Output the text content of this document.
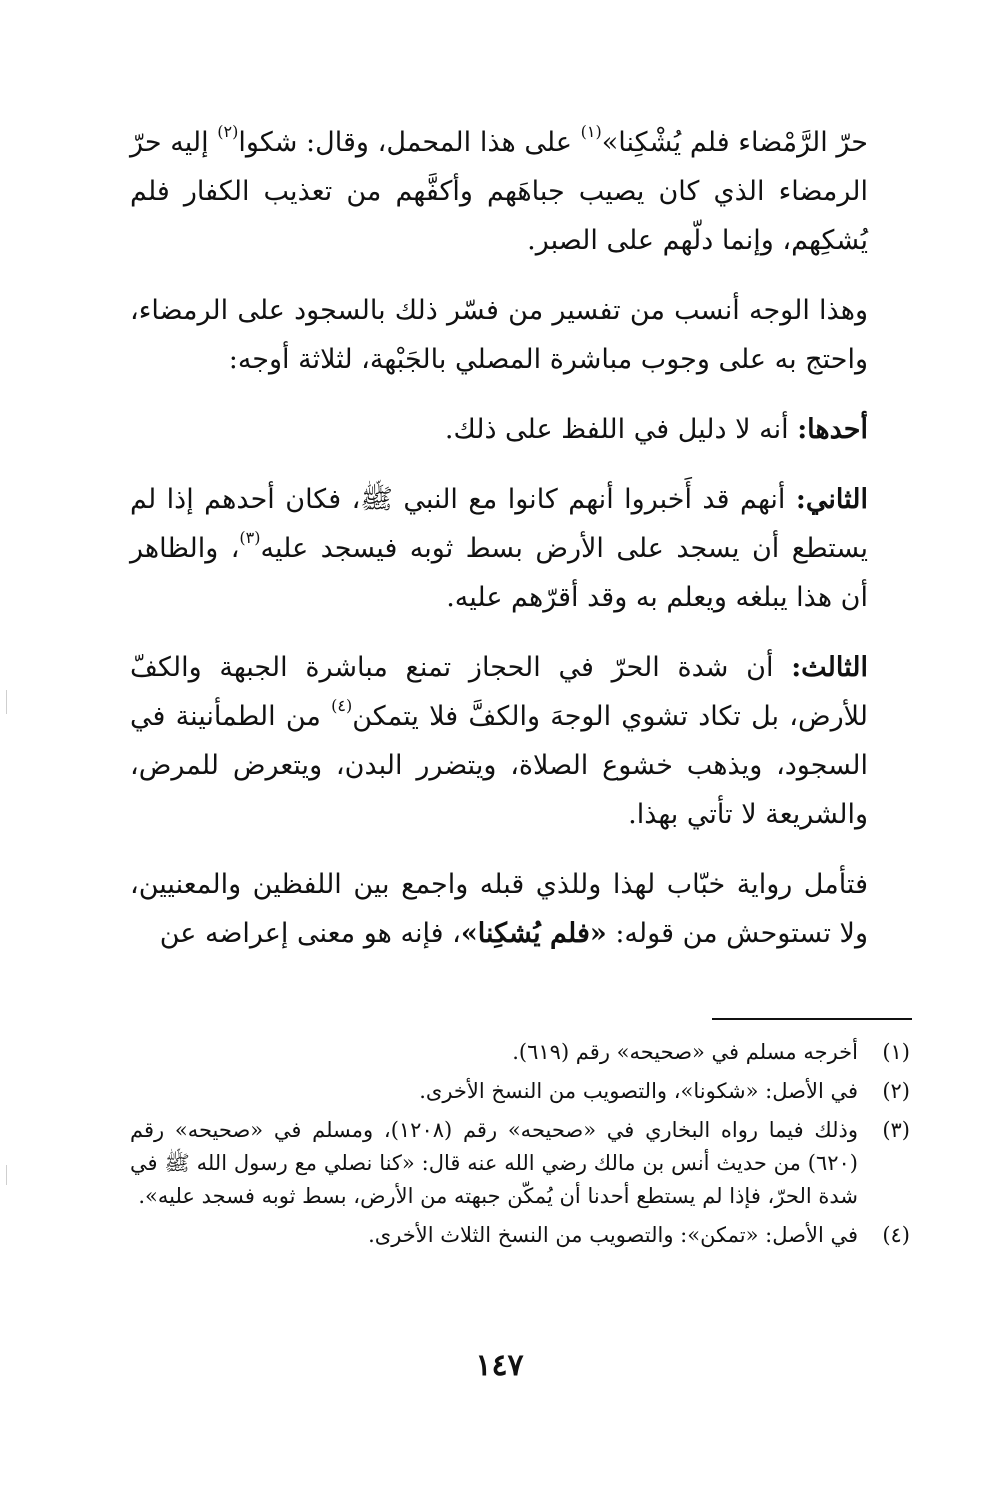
حرّ الرَّمْضاء فلم يُشْكِنا»$^{(١)}$ على هذا المحمل، وقال: شكوا$^{(٢)}$ إليه حرّ الرمضاء الذي كان يصيب جباهَهم وأكفَّهم من تعذيب الكفار فلم يُشكِهم، وإنما دلّهم على الصبر.

وهذا الوجه أنسب من تفسير من فسّر ذلك بالسجود على الرمضاء، واحتج به على وجوب مباشرة المصلي بالجَبْهة، لثلاثة أوجه:

أحدها: أنه لا دليل في اللفظ على ذلك.

الثاني: أنهم قد أَخبروا أنهم كانوا مع النبي ﷺ، فكان أحدهم إذا لم يستطع أن يسجد على الأرض بسط ثوبه فيسجد عليه$^{(٣)}$، والظاهر أن هذا يبلغه ويعلم به وقد أقرّهم عليه.

الثالث: أن شدة الحرّ في الحجاز تمنع مباشرة الجبهة والكفّ للأرض، بل تكاد تشوي الوجهَ والكفَّ فلا يتمكن$^{(٤)}$ من الطمأنينة في السجود، ويذهب خشوع الصلاة، ويتضرر البدن، ويتعرض للمرض، والشريعة لا تأتي بهذا.

فتأمل رواية خبّاب لهذا وللذي قبله واجمع بين اللفظين والمعنيين، ولا تستوحش من قوله: «فلم يُشكِنا»، فإنه هو معنى إعراضه عن

(١)
أخرجه مسلم في «صحيحه» رقم (٦١٩).
(٢)
في الأصل: «شكونا»، والتصويب من النسخ الأخرى.
(٣)
وذلك فيما رواه البخاري في «صحيحه» رقم (١٢٠٨)، ومسلم في «صحيحه» رقم (٦٢٠) من حديث أنس بن مالك رضي الله عنه قال: «كنا نصلي مع رسول الله ﷺ في شدة الحرّ، فإذا لم يستطع أحدنا أن يُمكّن جبهته من الأرض، بسط ثوبه فسجد عليه».
(٤)
في الأصل: «تمكن»: والتصويب من النسخ الثلاث الأخرى.
١٤٧
